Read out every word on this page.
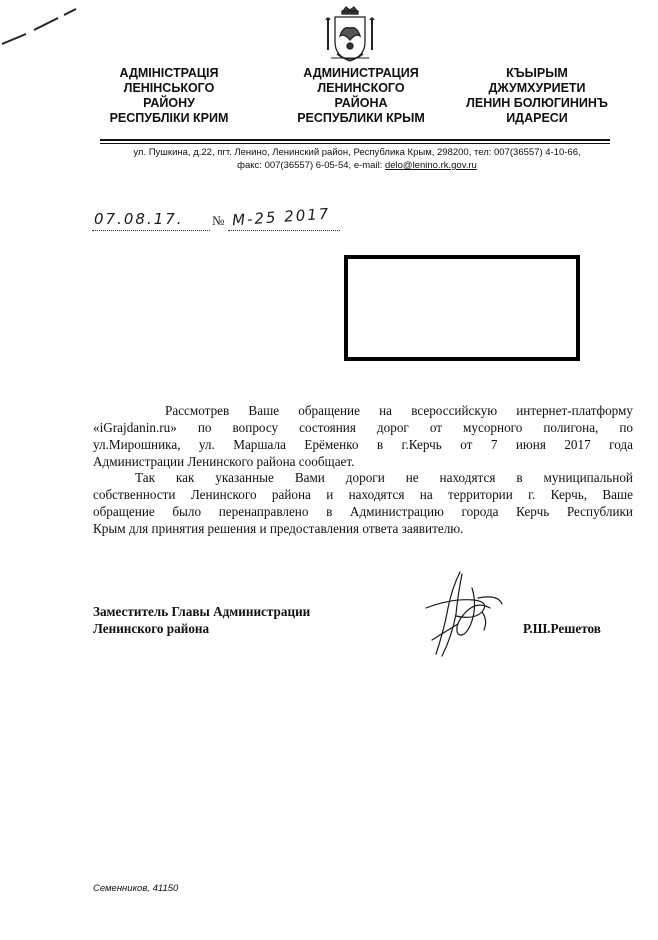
АДМІНІСТРАЦІЯ
ЛЕНІНСЬКОГО
РАЙОНУ
РЕСПУБЛІКИ КРИМ
АДМИНИСТРАЦИЯ
ЛЕНИНСКОГО
РАЙОНА
РЕСПУБЛИКИ КРЫМ
КЪЫРЫМ
ДЖУМХУРИЕТИ
ЛЕНИН БОЛЮГИНИНЪ
ИДАРЕСИ
ул. Пушкина, д.22, пгт. Ленино, Ленинский район, Республика Крым, 298200, тел: 007(36557) 4-10-66,
факс: 007(36557) 6-05-54, e-mail: delo@lenino.rk.gov.ru
07.08.17. № М-25 2017
Рассмотрев Ваше обращение на всероссийскую интернет-платформу
«iGrajdanin.ru» по вопросу состояния дорог от мусорного полигона, по
ул.Мирошника, ул. Маршала Ерёменко в г.Керчь от 7 июня 2017 года
Администрации Ленинского района сообщает.
Так как указанные Вами дороги не находятся в муниципальной
собственности Ленинского района и находятся на территории г. Керчь, Ваше
обращение было перенаправлено в Администрацию города Керчь Республики
Крым для принятия решения и предоставления ответа заявителю.
Заместитель Главы Администрации
Ленинского района	Р.Ш.Решетов
Семенников, 41150
